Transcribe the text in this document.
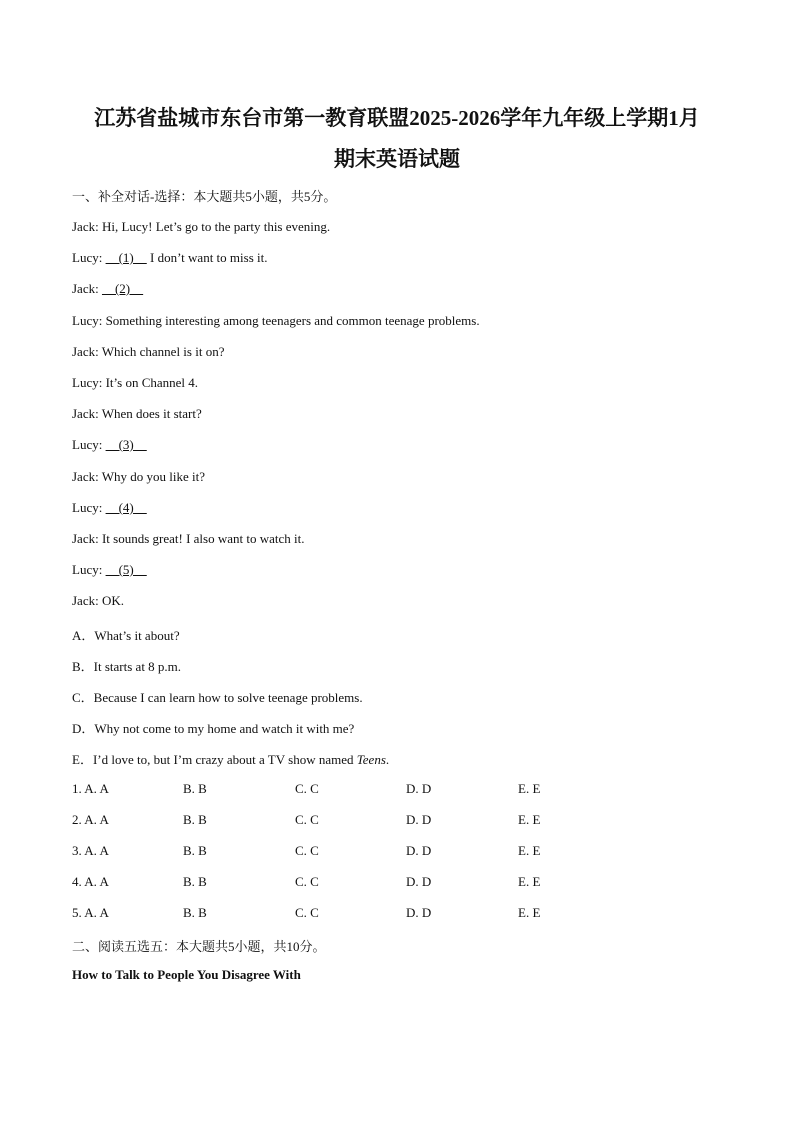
江苏省盐城市东台市第一教育联盟2025-2026学年九年级上学期1月
期末英语试题
一、补全对话-选择：本大题共5小题，共5分。
Jack: Hi, Lucy! Let’s go to the party this evening.
Lucy:     (1)     I don’t want to miss it.
Jack:     (2)
Lucy: Something interesting among teenagers and common teenage problems.
Jack: Which channel is it on?
Lucy: It’s on Channel 4.
Jack: When does it start?
Lucy:     (3)
Jack: Why do you like it?
Lucy:     (4)
Jack: It sounds great! I also want to watch it.
Lucy:     (5)
Jack: OK.
A．What’s it about?
B．It starts at 8 p.m.
C．Because I can learn how to solve teenage problems.
D．Why not come to my home and watch it with me?
E．I’d love to, but I’m crazy about a TV show named Teens.
1. A. A	B. B	C. C	D. D	E. E
2. A. A	B. B	C. C	D. D	E. E
3. A. A	B. B	C. C	D. D	E. E
4. A. A	B. B	C. C	D. D	E. E
5. A. A	B. B	C. C	D. D	E. E
二、阅读五选五：本大题共5小题，共10分。
How to Talk to People You Disagree With
